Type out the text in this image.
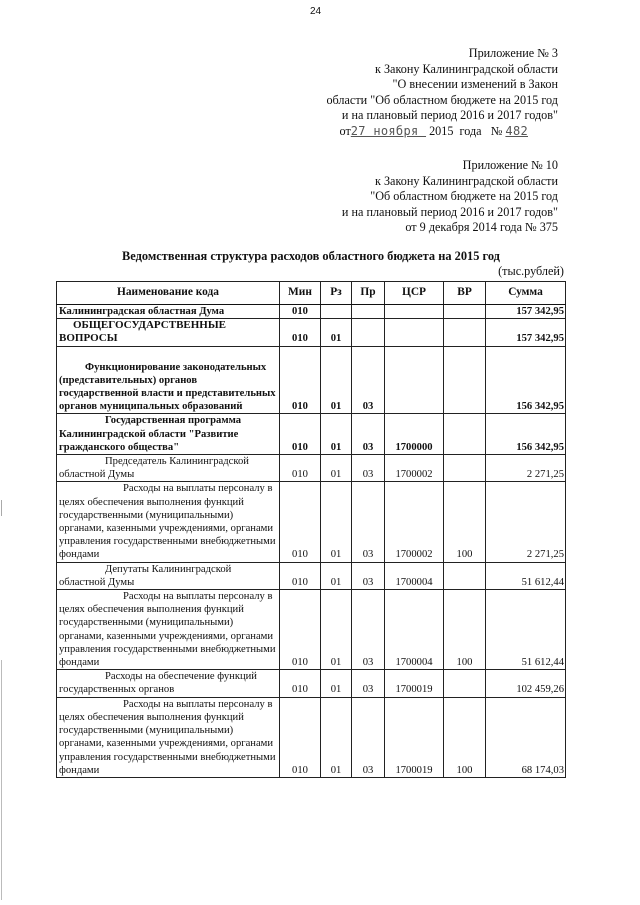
24
Приложение № 3
к Закону Калининградской области
"О внесении изменений в Закон
области "Об областном бюджете на 2015 год
и на плановый период 2016 и 2017 годов"
от27 ноября  2015  года   № 482
Приложение № 10
к Закону Калининградской области
"Об областном бюджете на 2015 год
и на плановый период 2016 и 2017 годов"
от 9 декабря 2014 года № 375
Ведомственная структура расходов областного бюджета на 2015 год
(тыс.рублей)
Наименование кода	Мин	Рз	Пр	ЦСР	ВР	Сумма
Калининградская областная Дума	010					157 342,95
ОБЩЕГОСУДАРСТВЕННЫЕ ВОПРОСЫ	010	01				157 342,95
Функционирование законодательных (представительных) органов государственной власти и представительных органов муниципальных образований	010	01	03			156 342,95
Государственная программа Калининградской области "Развитие гражданского общества"	010	01	03	1700000		156 342,95
Председатель Калининградской областной Думы	010	01	03	1700002		2 271,25
Расходы на выплаты персоналу в целях обеспечения выполнения функций государственными (муниципальными) органами, казенными учреждениями, органами управления государственными внебюджетными фондами	010	01	03	1700002	100	2 271,25
Депутаты Калининградской областной Думы	010	01	03	1700004		51 612,44
Расходы на выплаты персоналу в целях обеспечения выполнения функций государственными (муниципальными) органами, казенными учреждениями, органами управления государственными внебюджетными фондами	010	01	03	1700004	100	51 612,44
Расходы на обеспечение функций государственных органов	010	01	03	1700019		102 459,26
Расходы на выплаты персоналу в целях обеспечения выполнения функций государственными (муниципальными) органами, казенными учреждениями, органами управления государственными внебюджетными фондами	010	01	03	1700019	100	68 174,03
